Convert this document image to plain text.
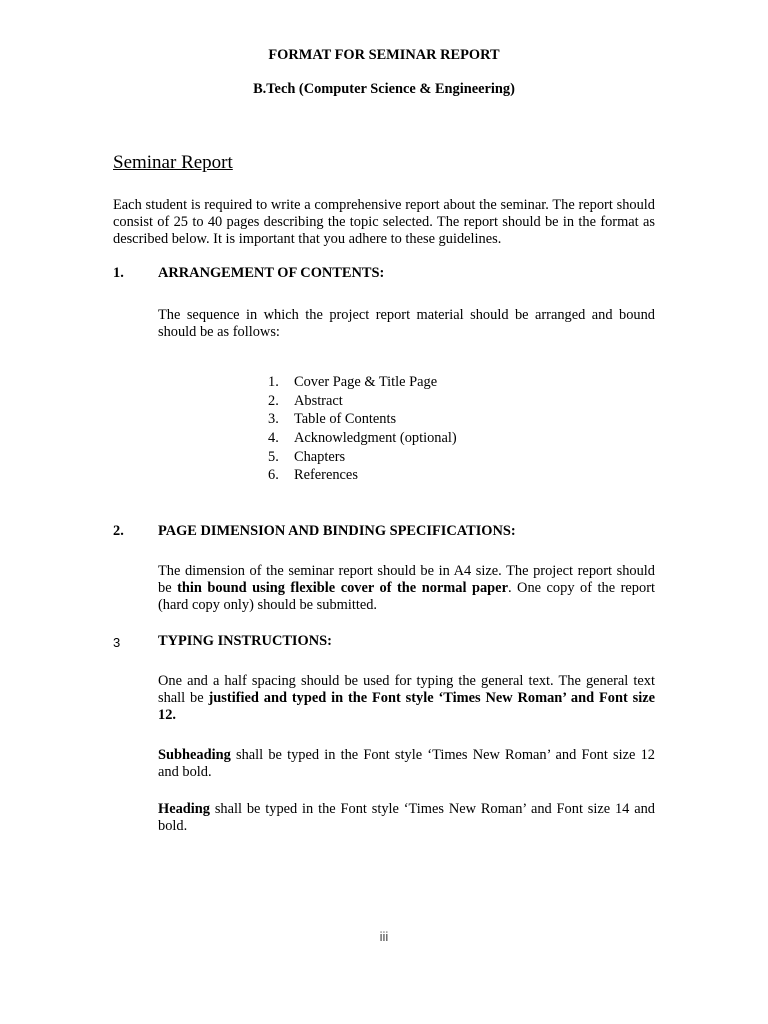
FORMAT FOR SEMINAR REPORT
B.Tech (Computer Science & Engineering)
Seminar Report
Each student is required to write a comprehensive report about the seminar. The report should consist of 25 to 40 pages describing the topic selected. The report should be in the format as described below. It is important that you adhere to these guidelines.
1. ARRANGEMENT OF CONTENTS:
The sequence in which the project report material should be arranged and bound should be as follows:
1. Cover Page & Title Page
2. Abstract
3. Table of Contents
4. Acknowledgment (optional)
5. Chapters
6. References
2. PAGE DIMENSION AND BINDING SPECIFICATIONS:
The dimension of the seminar report should be in A4 size. The project report should be thin bound using flexible cover of the normal paper. One copy of the report (hard copy only) should be submitted.
3	TYPING INSTRUCTIONS:
One and a half spacing should be used for typing the general text. The general text shall be justified and typed in the Font style ‘Times New Roman’ and Font size 12.
Subheading shall be typed in the Font style ‘Times New Roman’ and Font size 12 and bold.
Heading shall be typed in the Font style ‘Times New Roman’ and Font size 14 and bold.
iii
